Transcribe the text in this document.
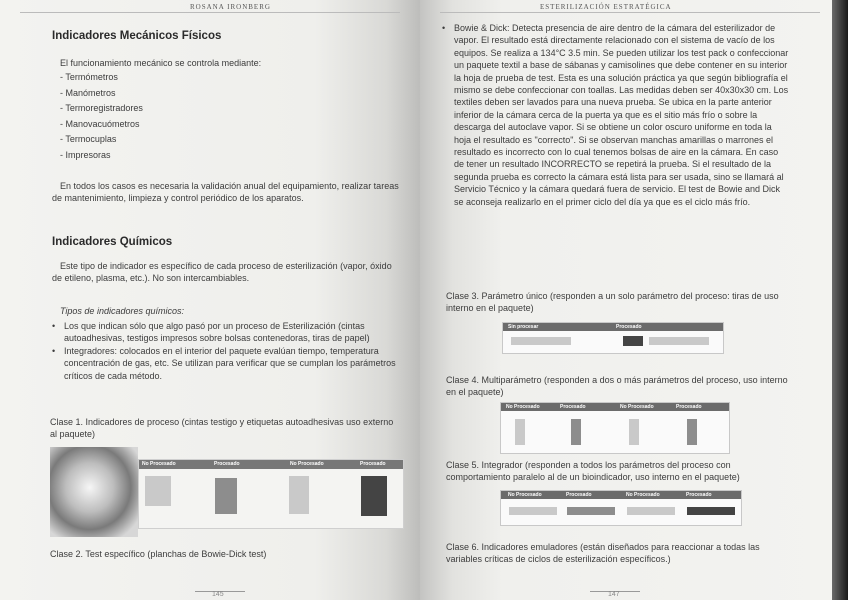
ROSANA IRONBERG
Indicadores Mecánicos Físicos

El funcionamiento mecánico se controla mediante:

- Termómetros
- Manómetros
- Termoregistradores
- Manovacuómetros
- Termocuplas
- Impresoras

En todos los casos es necesaria la validación anual del equipamiento, realizar tareas de mantenimiento, limpieza y control periódico de los aparatos.

Indicadores Químicos

Este tipo de indicador es específico de cada proceso de esterilización (vapor, óxido de etileno, plasma, etc.). No son intercambiables.

Tipos de indicadores químicos:

• Los que indican sólo que algo pasó por un proceso de Esterilización (cintas autoadhesivas, testigos impresos sobre bolsas contenedoras, tiras de papel)
• Integradores: colocados en el interior del paquete evalúan tiempo, temperatura concentración de gas, etc. Se utilizan para verificar que se cumplan los parámetros críticos de cada método.

Clase 1. Indicadores de proceso (cintas testigo y etiquetas autoadhesivas uso externo al paquete)

No Procesado	Procesado	No Procesado	Procesado

Clase 2. Test específico (planchas de Bowie-Dick test)

145
ESTERILIZACIÓN ESTRATÉGICA
• Bowie & Dick: Detecta presencia de aire dentro de la cámara del esterilizador de vapor. El resultado está directamente relacionado con el sistema de vacío de los equipos. Se realiza a 134°C 3.5 min. Se pueden utilizar los test pack o confeccionar un paquete textil a base de sábanas y camisolines que debe contener en su interior la hoja de prueba de test. Esta es una solución práctica ya que según bibliografía el mismo se debe confeccionar con toallas. Las medidas deben ser 40x30x30 cm. Los textiles deben ser lavados para una nueva prueba. Se ubica en la parte anterior inferior de la cámara cerca de la puerta ya que es el sitio más frío o sobre la descarga del autoclave vapor. Si se obtiene un color oscuro uniforme en toda la hoja el resultado es "correcto". Si se observan manchas amarillas o marrones el resultado es incorrecto con lo cual tenemos bolsas de aire en la cámara. En caso de tener un resultado INCORRECTO se repetirá la prueba. Si el resultado de la segunda prueba es correcto la cámara está lista para ser usada, sino se llamará al Servicio Técnico y la cámara quedará fuera de servicio. El test de Bowie and Dick se aconseja realizarlo en el primer ciclo del día ya que es el ciclo más frío.

Clase 3. Parámetro único (responden a un solo parámetro del proceso: tiras de uso interno en el paquete)

Sin procesar	Procesado

Clase 4. Multiparámetro (responden a dos o más parámetros del proceso, uso interno en el paquete)

No Procesado	Procesado	No Procesado	Procesado

Clase 5. Integrador (responden a todos los parámetros del proceso con comportamiento paralelo al de un bioindicador, uso interno en el paquete)

No Procesado	Procesado	No Procesado	Procesado

Clase 6. Indicadores emuladores (están diseñados para reaccionar a todas las variables críticas de ciclos de esterilización específicos.)

147
